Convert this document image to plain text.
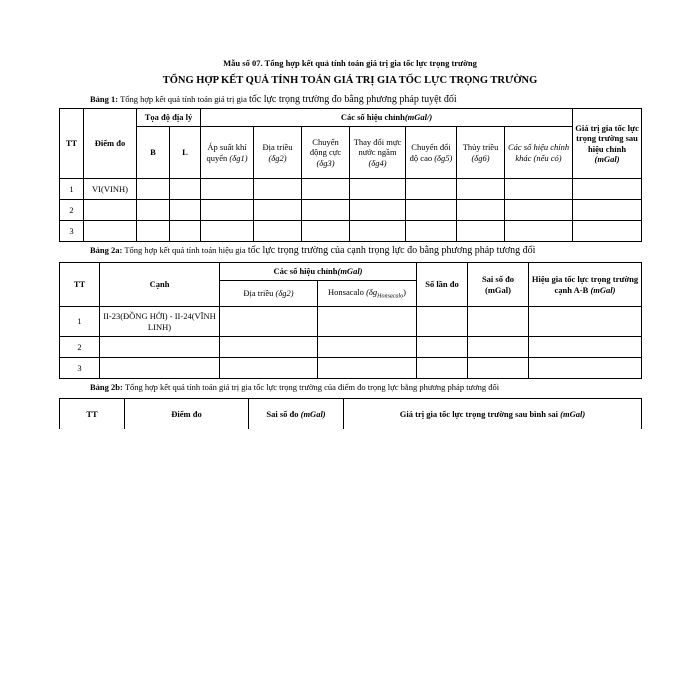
Mẫu số 07. Tổng hợp kết quả tính toán giá trị gia tốc lực trọng trường
TỔNG HỢP KẾT QUẢ TÍNH TOÁN GIÁ TRỊ GIA TỐC LỰC TRỌNG TRƯỜNG
Bảng 1: Tổng hợp kết quả tính toán giá trị gia tốc lực trọng trường đo bằng phương pháp tuyệt đối
TT	Điểm đo	Tọa độ địa lý		Các số hiệu chỉnh(mGal/)							Giá trị gia tốc lực trọng trường sau hiệu chỉnh (mGal)
		B	L	Áp suất khí quyển (δg1)	Địa triều
(δg2)	Chuyển động cực
(δg3)	Thay đổi mực nước ngầm (δg4)	Chuyển đổi độ cao (δg5)	Thủy triều
(δg6)	Các số hiệu chỉnh khác (nếu có)	
1	VI(VINH)										
2											
3											
Bảng 2a: Tổng hợp kết quả tính toán hiệu gia tốc lực trọng trường của cạnh trọng lực đo bằng phương pháp tương đối
TT	Cạnh	Các số hiệu chỉnh(mGal)		Số lần đo	Sai số đo (mGal)	Hiệu gia tốc lực trọng trường cạnh A-B (mGal)
		Địa triều (δg2)	Honsacalo $(\delta g_{Honsacalo})$			
1	II-23(ĐỒNG HỚI) - II-24(VĨNH LINH)					
2						
3						
Bảng 2b: Tổng hợp kết quả tính toán giá trị gia tốc lực trọng trường của điểm đo trọng lực bằng phương pháp tương đối
TT	Điểm đo	Sai số đo (mGal)	Giá trị gia tốc lực trọng trường sau bình sai (mGal)
